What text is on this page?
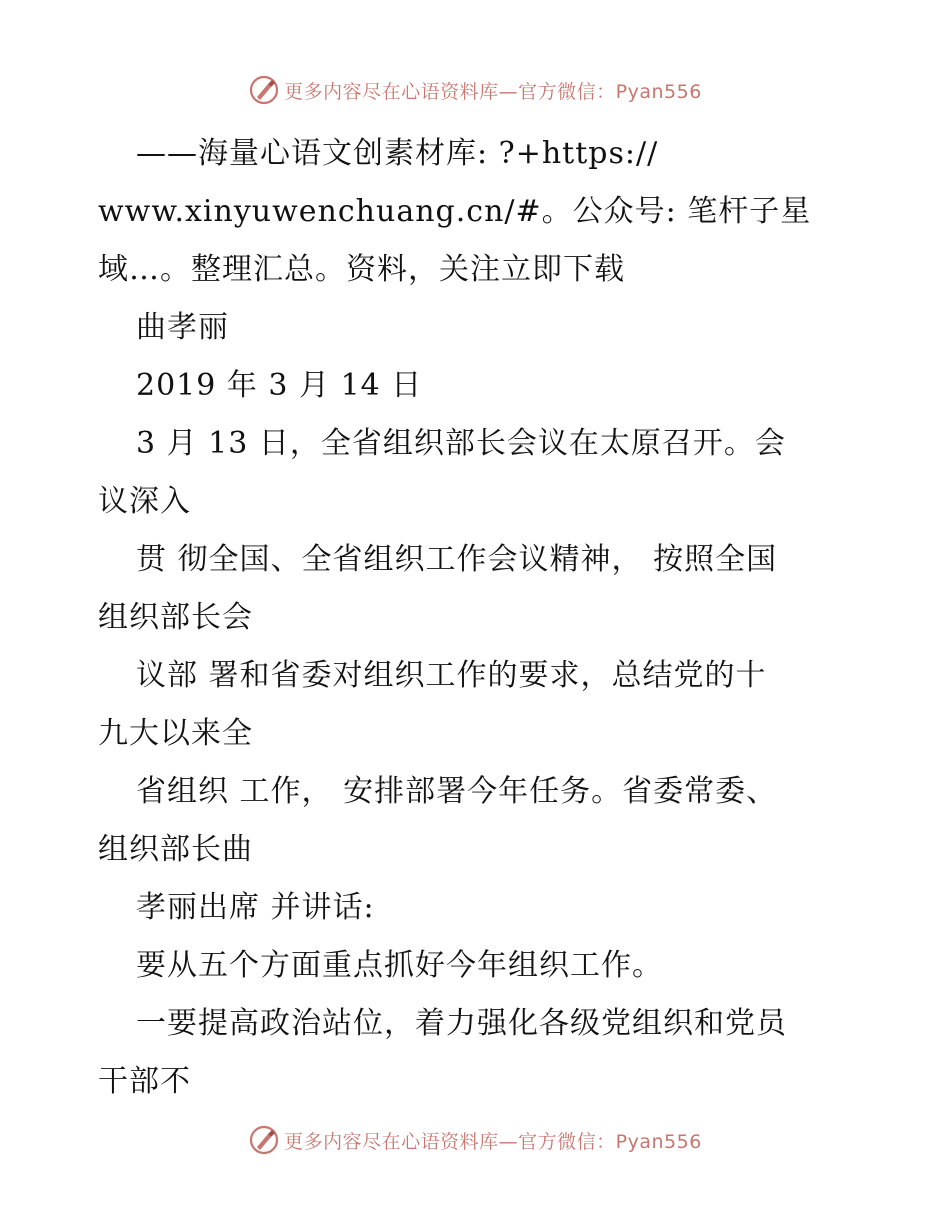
更多内容尽在心语资料库—官方微信：Pyan556
——海量心语文创素材库: ?+https://
www.xinyuwenchuang.cn/#。公众号: 笔杆子星
域…。整理汇总。资料，关注立即下载
曲孝丽
2019 年 3 月 14 日
3 月 13 日，全省组织部长会议在太原召开。会
议深入
贯 彻全国、全省组织工作会议精神， 按照全国
组织部长会
议部 署和省委对组织工作的要求，总结党的十
九大以来全
省组织 工作， 安排部署今年任务。省委常委、
组织部长曲
孝丽出席 并讲话:
要从五个方面重点抓好今年组织工作。
一要提高政治站位，着力强化各级党组织和党员
干部不
更多内容尽在心语资料库—官方微信：Pyan556
